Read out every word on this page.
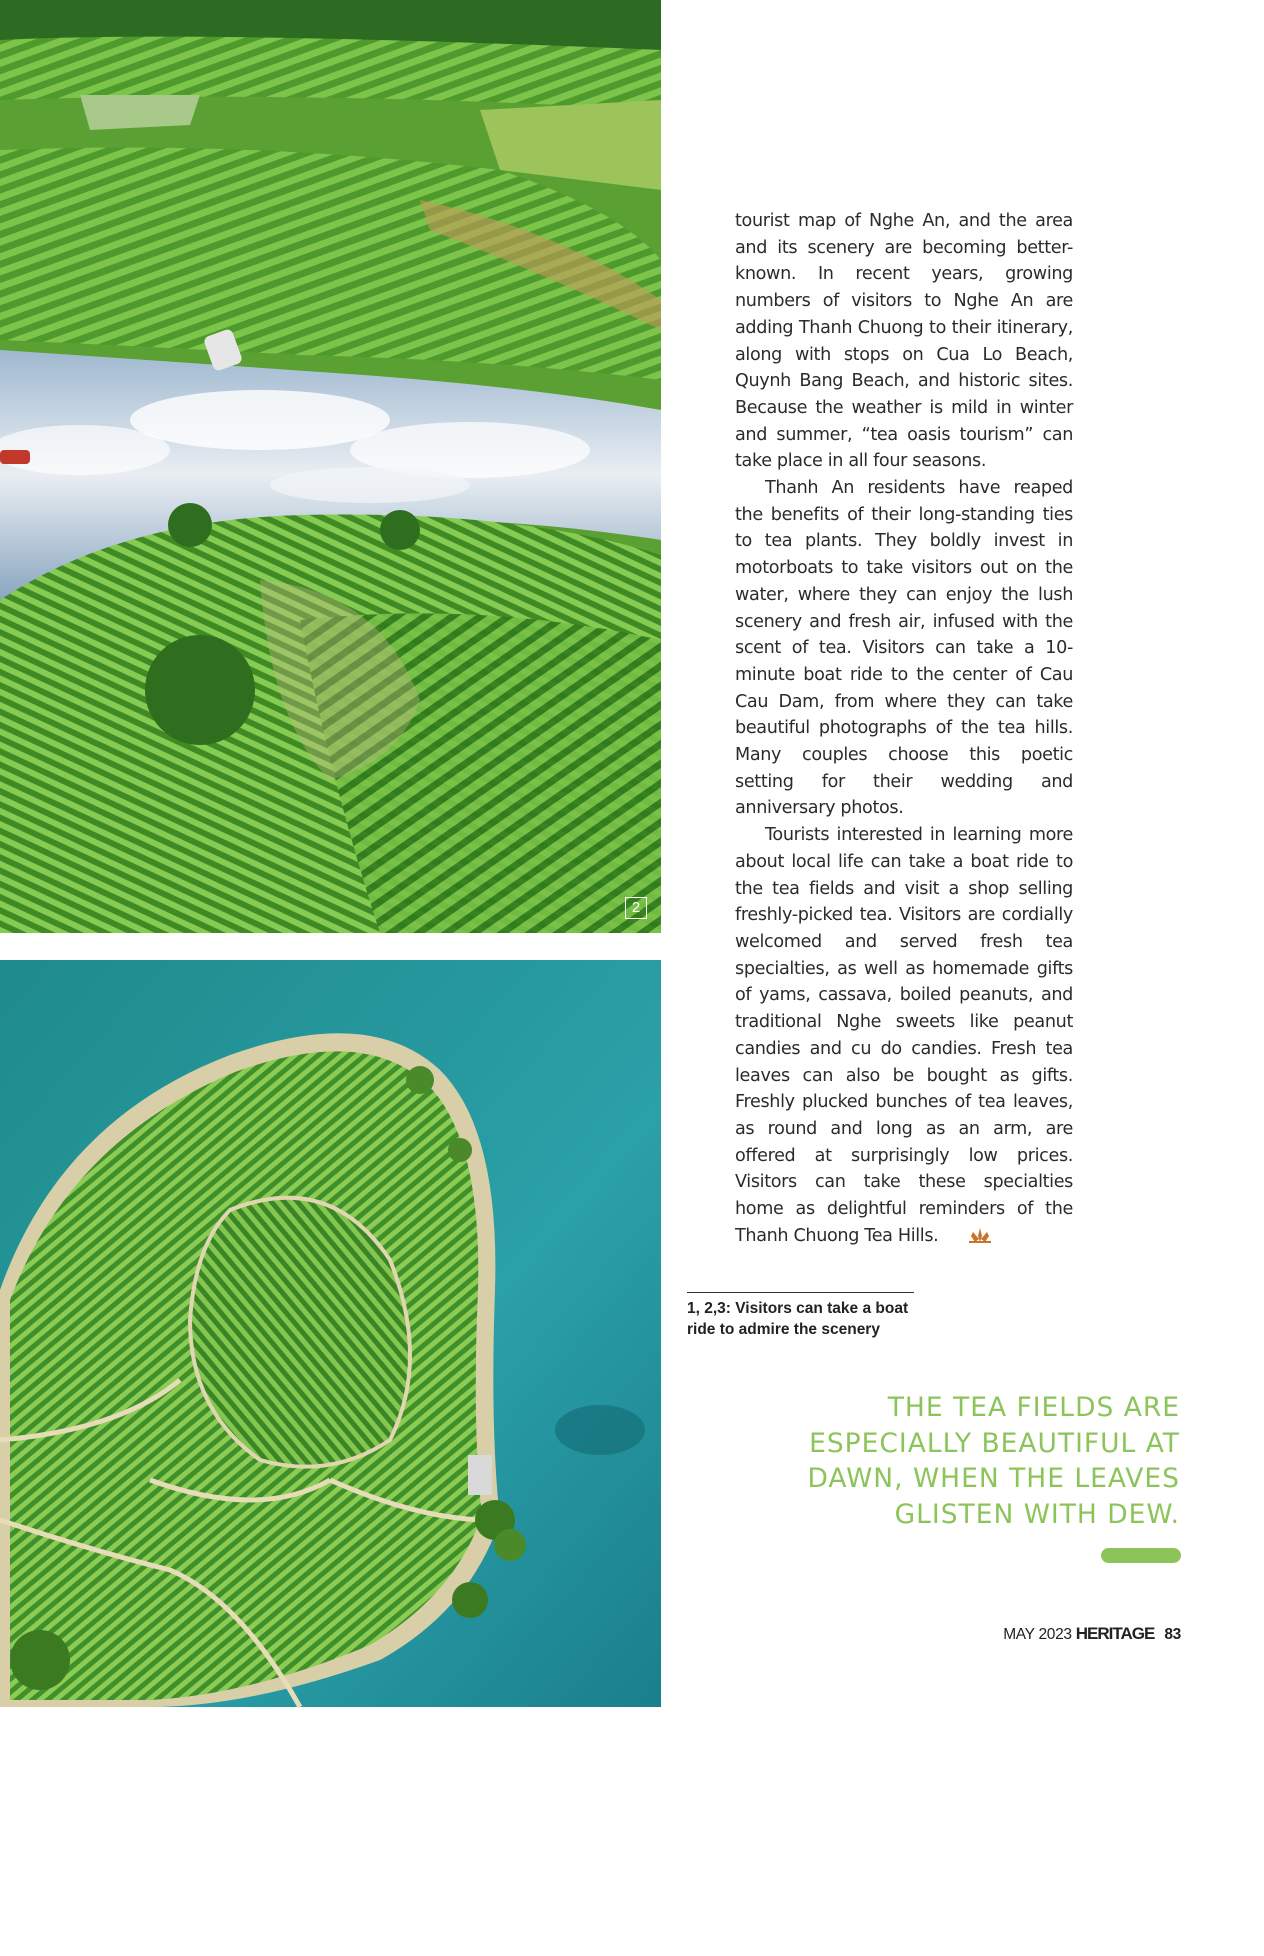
2
3

tourist map of Nghe An, and the area and its scenery are becoming better-known. In recent years, growing numbers of visitors to Nghe An are adding Thanh Chuong to their itinerary, along with stops on Cua Lo Beach, Quynh Bang Beach, and historic sites. Because the weather is mild in winter and summer, “tea oasis tourism” can take place in all four seasons.

Thanh An residents have reaped the benefits of their long-standing ties to tea plants. They boldly invest in motorboats to take visitors out on the water, where they can enjoy the lush scenery and fresh air, infused with the scent of tea. Visitors can take a 10-minute boat ride to the center of Cau Cau Dam, from where they can take beautiful photographs of the tea hills. Many couples choose this poetic setting for their wedding and anniversary photos.

Tourists interested in learning more about local life can take a boat ride to the tea fields and visit a shop selling freshly-picked tea. Visitors are cordially welcomed and served fresh tea specialties, as well as homemade gifts of yams, cassava, boiled peanuts, and traditional Nghe sweets like peanut candies and cu do candies. Fresh tea leaves can also be bought as gifts. Freshly plucked bunches of tea leaves, as round and long as an arm, are offered at surprisingly low prices. Visitors can take these specialties home as delightful reminders of the Thanh Chuong Tea Hills.

1, 2,3: Visitors can take a boat ride to admire the scenery
THE TEA FIELDS ARE
ESPECIALLY BEAUTIFUL AT
DAWN, WHEN THE LEAVES
GLISTEN WITH DEW.
MAY 2023 HERITAGE 83
